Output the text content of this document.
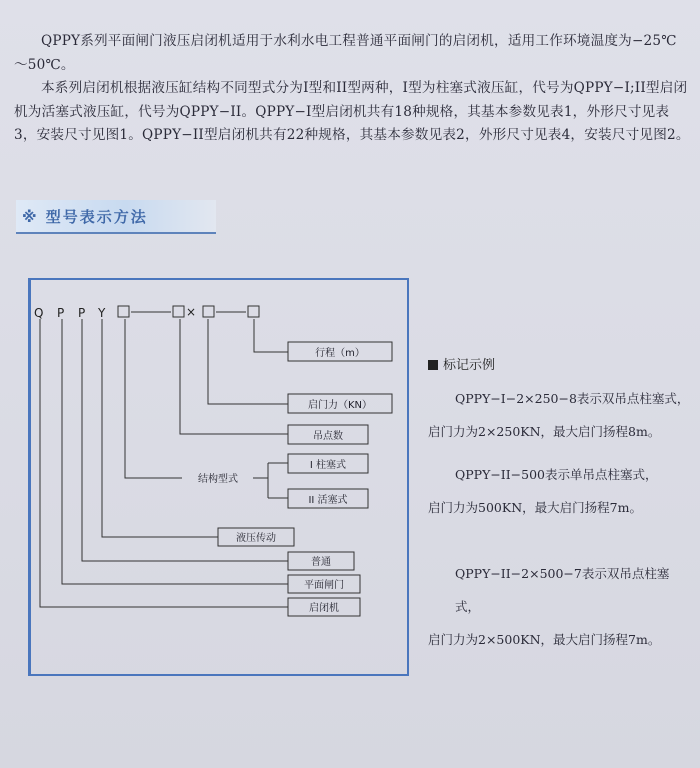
QPPY系列平面闸门液压启闭机适用于水利水电工程普通平面闸门的启闭机，适用工作环境温度为−25℃～50℃。

本系列启闭机根据液压缸结构不同型式分为I型和II型两种，I型为柱塞式液压缸，代号为QPPY−I;II型启闭机为活塞式液压缸，代号为QPPY−II。QPPY−I型启闭机共有18种规格，其基本参数见表1，外形尺寸见表3，安装尺寸见图1。QPPY−II型启闭机共有22种规格，其基本参数见表2，外形尺寸见表4，安装尺寸见图2。

※ 型号表示方法
Q P P Y	×
行程（m）
启门力（KN）
吊点数
I 柱塞式
II 活塞式
结构型式
液压传动
普通
平面闸门
启闭机
标记示例

QPPY−I−2×250−8表示双吊点柱塞式，

启门力为2×250KN，最大启门扬程8m。

QPPY−II−500表示单吊点柱塞式，

启门力为500KN，最大启门扬程7m。

QPPY−II−2×500−7表示双吊点柱塞式，

启门力为2×500KN，最大启门扬程7m。
